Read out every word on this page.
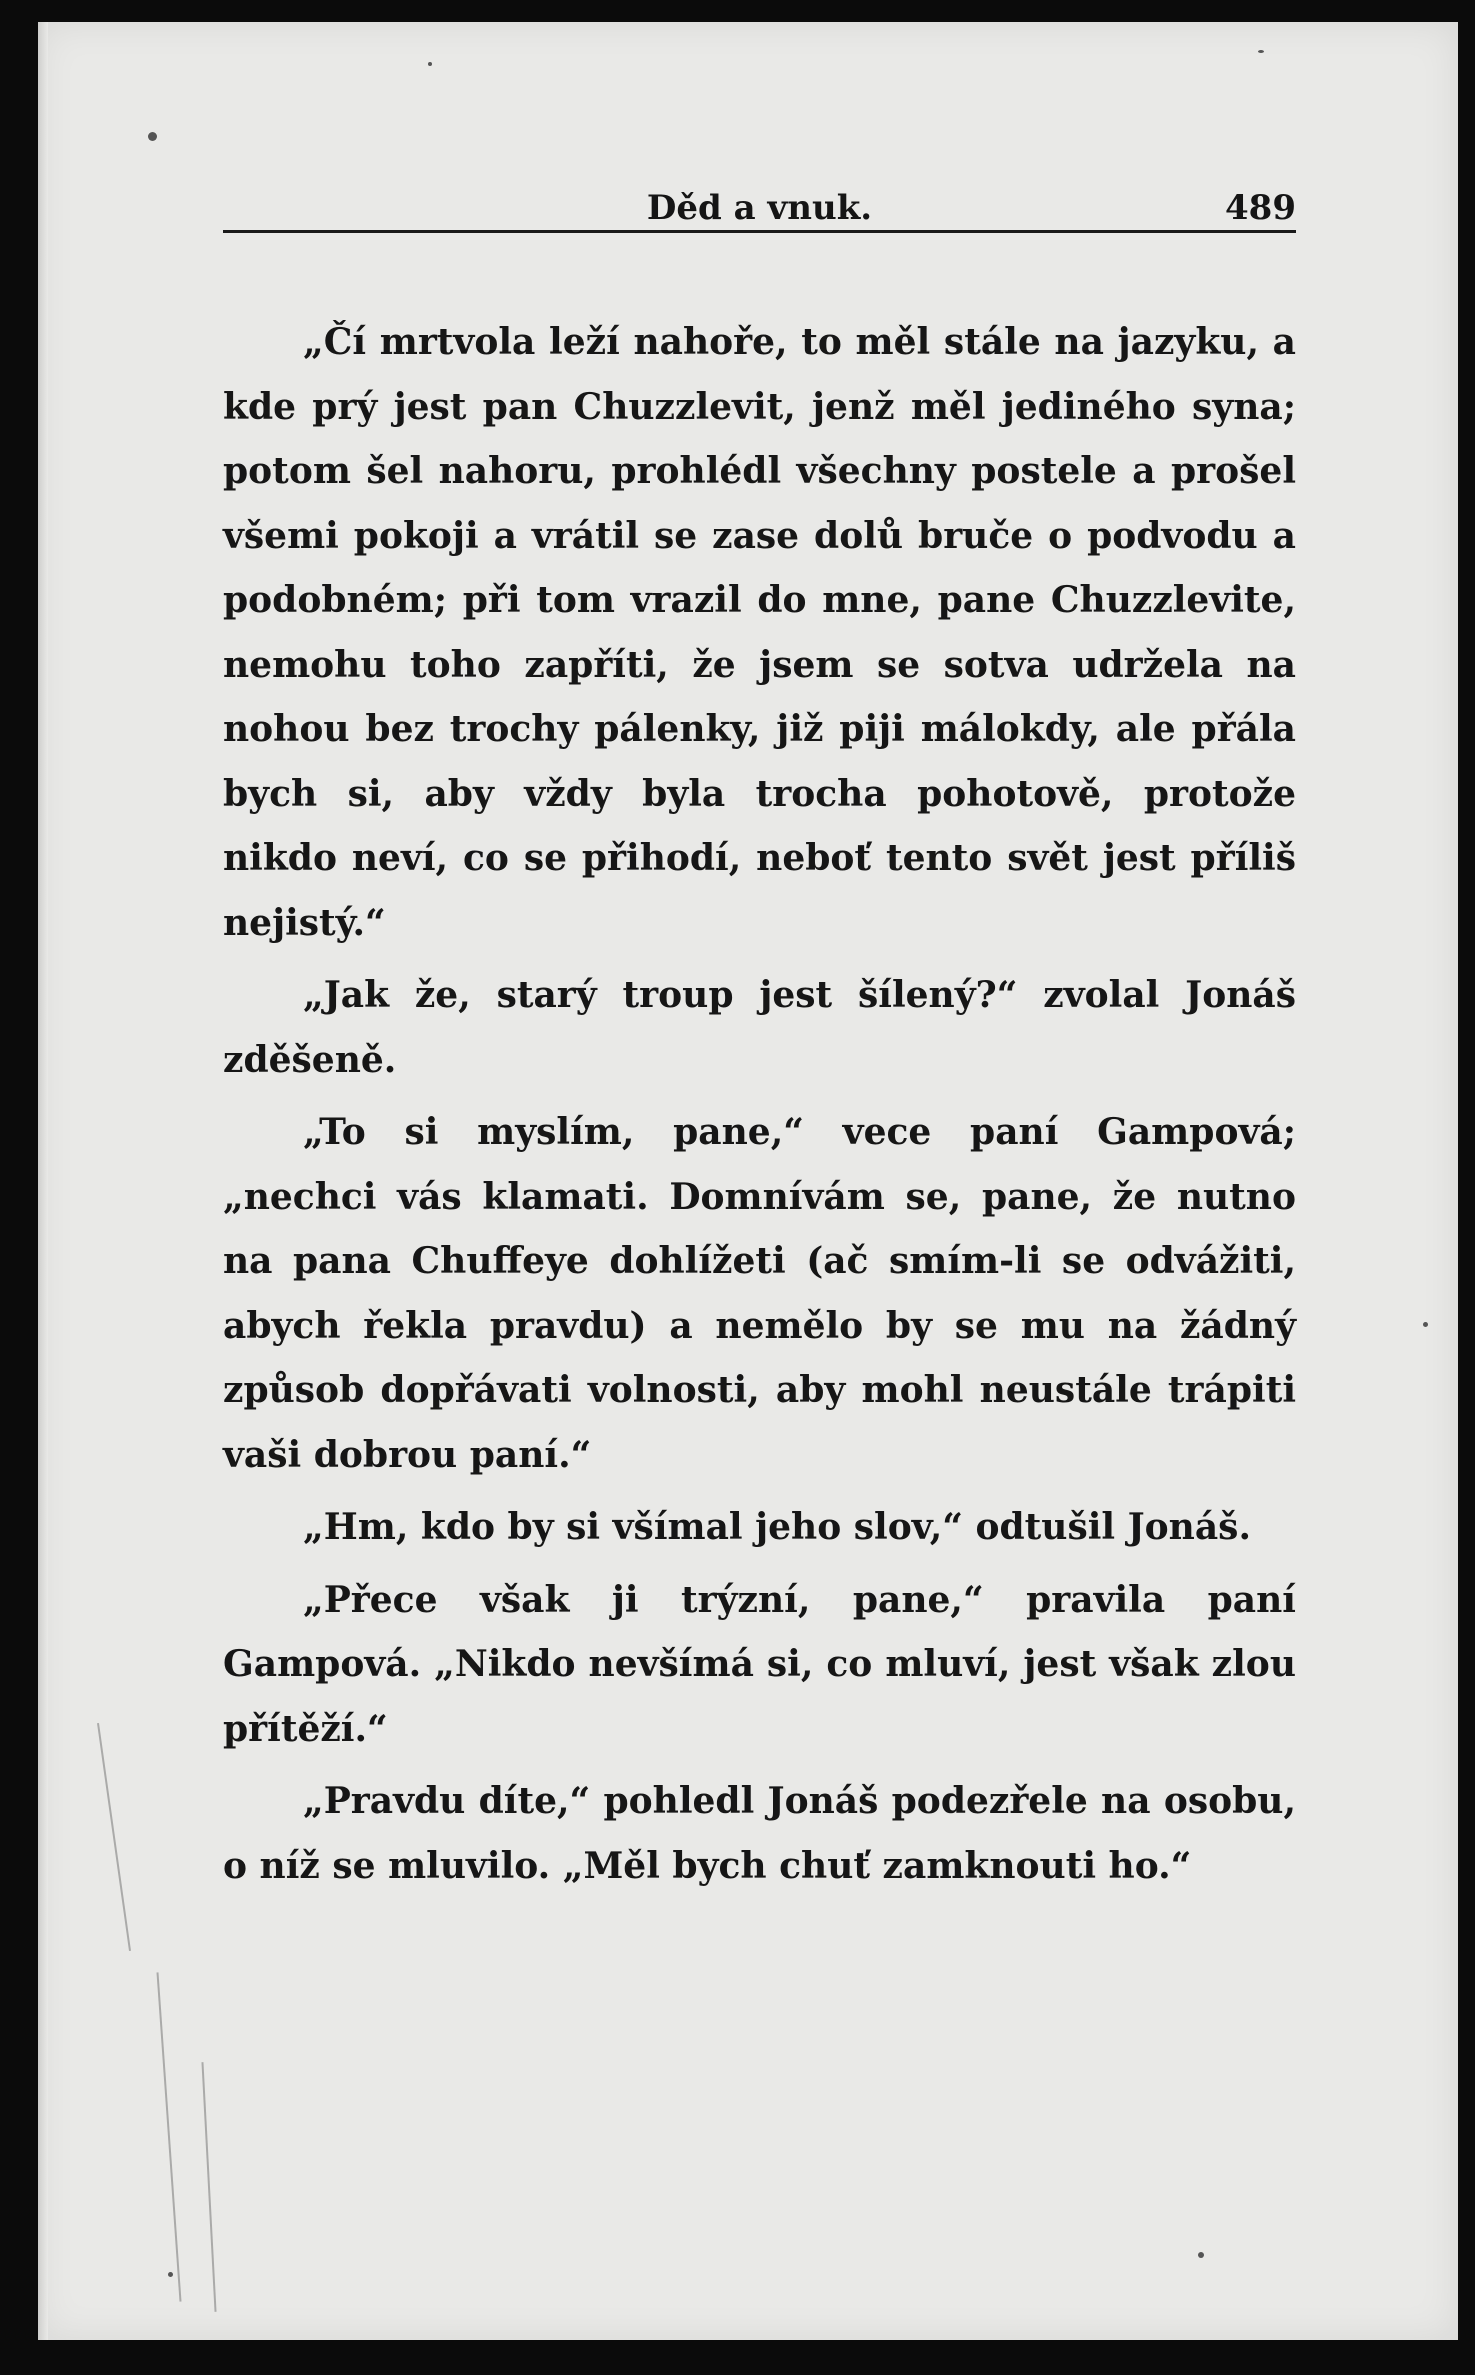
Děd a vnuk.	489

„Čí mrtvola leží nahoře, to měl stále na jazyku, a kde prý jest pan Chuzzlevit, jenž měl jediného syna; potom šel nahoru, prohlédl všechny postele a prošel všemi pokoji a vrátil se zase dolů bruče o podvodu a podobném; při tom vrazil do mne, pane Chuzzlevite, nemohu toho zapříti, že jsem se sotva udržela na nohou bez trochy pálenky, již piji málokdy, ale přála bych si, aby vždy byla trocha pohotově, protože nikdo neví, co se přihodí, neboť tento svět jest příliš nejistý.“

„Jak že, starý troup jest šílený?“ zvolal Jonáš zděšeně.

„To si myslím, pane,“ vece paní Gampová; „nechci vás klamati. Domnívám se, pane, že nutno na pana Chuffeye dohlížeti (ač smím-li se odvážiti, abych řekla pravdu) a nemělo by se mu na žádný způsob dopřávati volnosti, aby mohl neustále trápiti vaši dobrou paní.“

„Hm, kdo by si všímal jeho slov,“ odtušil Jonáš.

„Přece však ji trýzní, pane,“ pravila paní Gampová. „Nikdo nevšímá si, co mluví, jest však zlou přítěží.“

„Pravdu díte,“ pohledl Jonáš podezřele na osobu, o níž se mluvilo. „Měl bych chuť zamknouti ho.“
